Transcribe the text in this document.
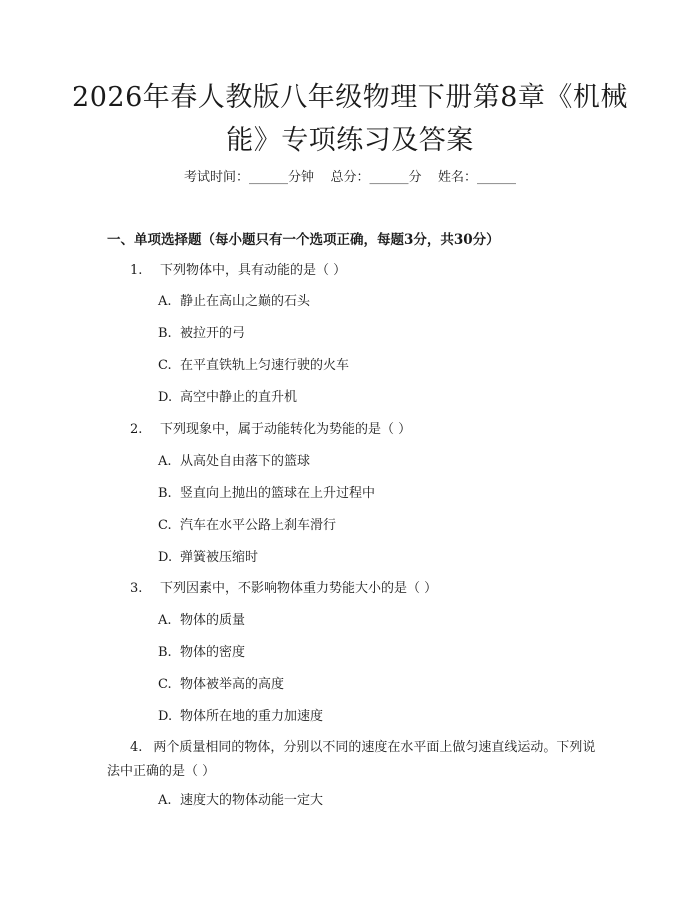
2026年春人教版八年级物理下册第8章《机械能》专项练习及答案
考试时间：______分钟    总分：______分    姓名：______
一、单项选择题（每小题只有一个选项正确，每题3分，共30分）
1. 下列物体中，具有动能的是（ ）
A. 静止在高山之巅的石头
B. 被拉开的弓
C. 在平直铁轨上匀速行驶的火车
D. 高空中静止的直升机
2. 下列现象中，属于动能转化为势能的是（ ）
A. 从高处自由落下的篮球
B. 竖直向上抛出的篮球在上升过程中
C. 汽车在水平公路上刹车滑行
D. 弹簧被压缩时
3. 下列因素中，不影响物体重力势能大小的是（ ）
A. 物体的质量
B. 物体的密度
C. 物体被举高的高度
D. 物体所在地的重力加速度
4. 两个质量相同的物体，分别以不同的速度在水平面上做匀速直线运动。下列说法中正确的是（ ）
A. 速度大的物体动能一定大
